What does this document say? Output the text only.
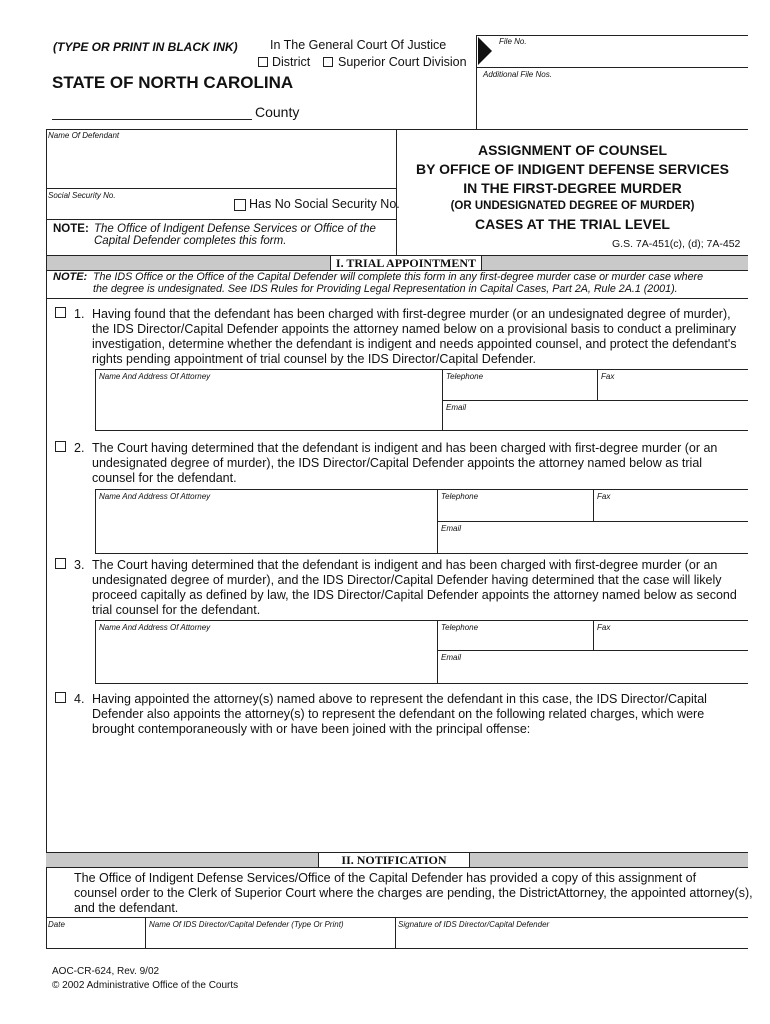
(TYPE OR PRINT IN BLACK INK)	In The General Court Of Justice
District Superior Court Division
STATE OF NORTH CAROLINA
County
File No.
Additional File Nos.
Name Of Defendant
Social Security No.
Has No Social Security No.
NOTE: The Office of Indigent Defense Services or Office of the
Capital Defender completes this form.
ASSIGNMENT OF COUNSEL
BY OFFICE OF INDIGENT DEFENSE SERVICES
IN THE FIRST-DEGREE MURDER
(OR UNDESIGNATED DEGREE OF MURDER)
CASES AT THE TRIAL LEVEL
G.S. 7A-451(c), (d); 7A-452
I. TRIAL APPOINTMENT
NOTE: The IDS Office or the Office of the Capital Defender will complete this form in any first-degree murder case or murder case where
the degree is undesignated. See IDS Rules for Providing Legal Representation in Capital Cases, Part 2A, Rule 2A.1 (2001).
1. Having found that the defendant has been charged with first-degree murder (or an undesignated degree of murder),
the IDS Director/Capital Defender appoints the attorney named below on a provisional basis to conduct a preliminary
investigation, determine whether the defendant is indigent and needs appointed counsel, and protect the defendant's
rights pending appointment of trial counsel by the IDS Director/Capital Defender.
Name And Address Of Attorney	Telephone	Fax
Email
2. The Court having determined that the defendant is indigent and has been charged with first-degree murder (or an
undesignated degree of murder), the IDS Director/Capital Defender appoints the attorney named below as trial
counsel for the defendant.
Name And Address Of Attorney	Telephone	Fax
Email
3. The Court having determined that the defendant is indigent and has been charged with first-degree murder (or an
undesignated degree of murder), and the IDS Director/Capital Defender having determined that the case will likely
proceed capitally as defined by law, the IDS Director/Capital Defender appoints the attorney named below as second
trial counsel for the defendant.
Name And Address Of Attorney	Telephone	Fax
Email
4. Having appointed the attorney(s) named above to represent the defendant in this case, the IDS Director/Capital
Defender also appoints the attorney(s) to represent the defendant on the following related charges, which were
brought contemporaneously with or have been joined with the principal offense:
II. NOTIFICATION
The Office of Indigent Defense Services/Office of the Capital Defender has provided a copy of this assignment of
counsel order to the Clerk of Superior Court where the charges are pending, the DistrictAttorney, the appointed attorney(s),
and the defendant.
Date	Name Of IDS Director/Capital Defender (Type Or Print)	Signature of IDS Director/Capital Defender
AOC-CR-624, Rev. 9/02
© 2002 Administrative Office of the Courts
